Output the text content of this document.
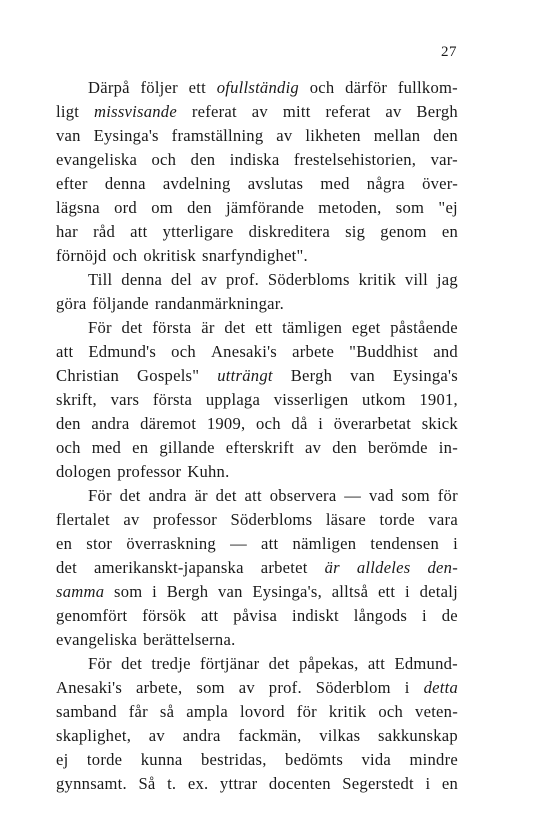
27
Därpå följer ett ofullständig och därför fullkom-
ligt missvisande referat av mitt referat av Bergh
van Eysinga's framställning av likheten mellan den
evangeliska och den indiska frestelsehistorien, var-
efter denna avdelning avslutas med några över-
lägsna ord om den jämförande metoden, som "ej
har råd att ytterligare diskreditera sig genom en
förnöjd och okritisk snarfyndighet".
Till denna del av prof. Söderbloms kritik vill jag
göra följande randanmärkningar.
För det första är det ett tämligen eget påstående
att Edmund's och Anesaki's arbete "Buddhist and
Christian Gospels" utträngt Bergh van Eysinga's
skrift, vars första upplaga visserligen utkom 1901,
den andra däremot 1909, och då i överarbetat skick
och med en gillande efterskrift av den berömde in-
dologen professor Kuhn.
För det andra är det att observera — vad som för
flertalet av professor Söderbloms läsare torde vara
en stor överraskning — att nämligen tendensen i
det amerikanskt-japanska arbetet är alldeles den-
samma som i Bergh van Eysinga's, alltså ett i detalj
genomfört försök att påvisa indiskt långods i de
evangeliska berättelserna.
För det tredje förtjänar det påpekas, att Edmund-
Anesaki's arbete, som av prof. Söderblom i detta
samband får så ampla lovord för kritik och veten-
skaplighet, av andra fackmän, vilkas sakkunskap
ej torde kunna bestridas, bedömts vida mindre
gynnsamt. Så t. ex. yttrar docenten Segerstedt i en
